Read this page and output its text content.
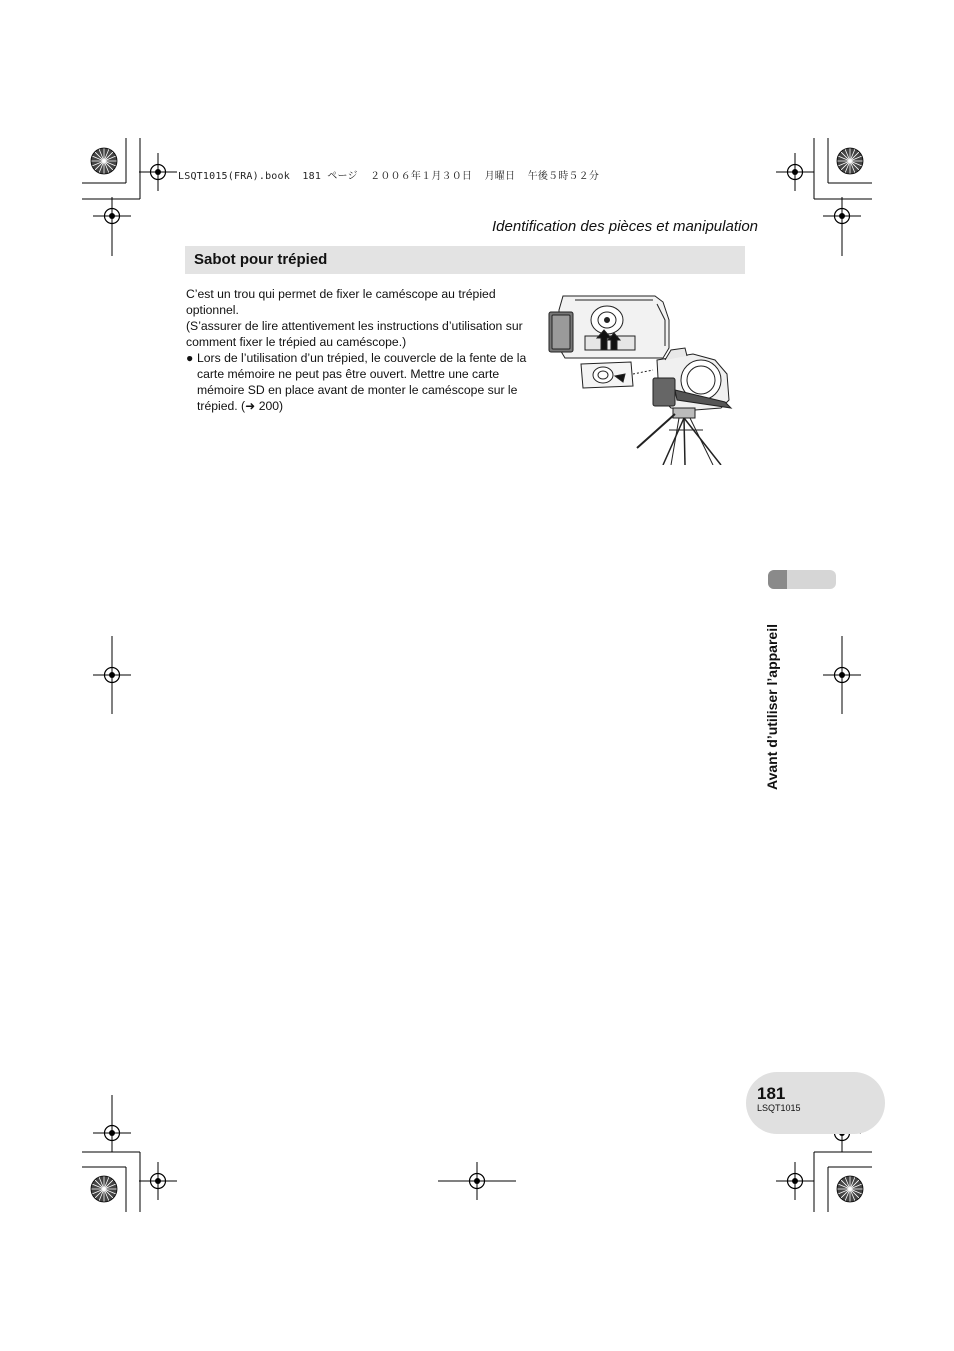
LSQT1015(FRA).book  181 ページ  ２００６年１月３０日  月曜日  午後５時５２分
Identification des pièces et manipulation
Sabot pour trépied

C’est un trou qui permet de fixer le caméscope au trépied optionnel.

(S’assurer de lire attentivement les instructions d’utilisation sur comment fixer le trépied au caméscope.)

● Lors de l’utilisation d’un trépied, le couvercle de la fente de la carte mémoire ne peut pas être ouvert. Mettre une carte mémoire SD en place avant de monter le caméscope sur le trépied. (➜ 200)

Avant d’utiliser l’appareil
181
LSQT1015
